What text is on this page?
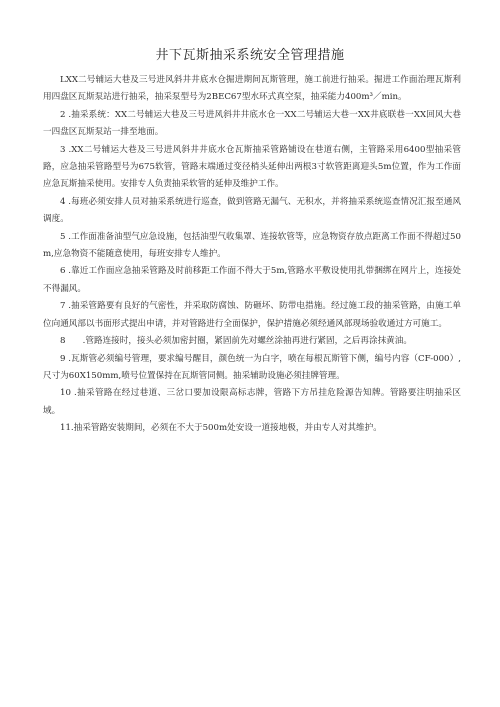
井下瓦斯抽采系统安全管理措施

LXX二号辅运大巷及三号进风斜井井底水仓掘进期间瓦斯管理，施工前进行抽采。掘进工作面治理瓦斯利用四盘区瓦斯泵站进行抽采，抽采泵型号为2BEC67型水环式真空泵，抽采能力400m³／min。

2 .抽采系统：XX二号辅运大巷及三号进风斜井井底水仓一XX二号辅运大巷一XX井底联巷一XX回风大巷一四盘区瓦斯泵站一排至地面。

3 .XX二号辅运大巷及三号进风斜井井底水仓瓦斯抽采管路铺设在巷道右侧，主管路采用6400型抽采管路，应急抽采管路型号为675软管，管路末端通过变径梢头延伸出两根3寸软管距离迎头5m位置，作为工作面应急瓦斯抽采使用。安排专人负责抽采软管的延伸及维护工作。

4 .每班必须安排人员对抽采系统进行巡查，做到管路无漏气、无积水，并将抽采系统巡查情况汇报至通风调度。

5 .工作面准备油型气应急设施，包括油型气收集罩、连接软管等，应急物资存放点距离工作面不得超过50m,应急物资不能随意使用，每班安排专人维护。

6 .靠近工作面应急抽采管路及时前移距工作面不得大于5m,管路水平敷设使用扎带捆绑在网片上，连接处不得漏风。

7 .抽采管路要有良好的气密性，并采取防腐蚀、防砸坏、防带电措施。经过施工段的抽采管路，由施工单位向通风部以书面形式提出申请，并对管路进行全面保护，保护措施必须经通风部现场验收通过方可施工。

8　　.管路连接时，接头必须加密封圈，紧固前先对螺丝涂抽再进行紧固，之后再涂抹黄油。

9 .瓦斯管必须编号管理，要求编号醒目，颜色统一为白字，喷在每根瓦斯管下侧，编号内容（CF-000）,尺寸为60X150mm,喷号位置保持在瓦斯管同侧。抽采辅助设施必须挂牌管理。

10 .抽采管路在经过巷道、三岔口要加设限高标志牌，管路下方吊挂危险源告知牌。管路要注明抽采区域。

11.抽采管路安装期间，必须在不大于500m处安设一道接地极，并由专人对其维护。
